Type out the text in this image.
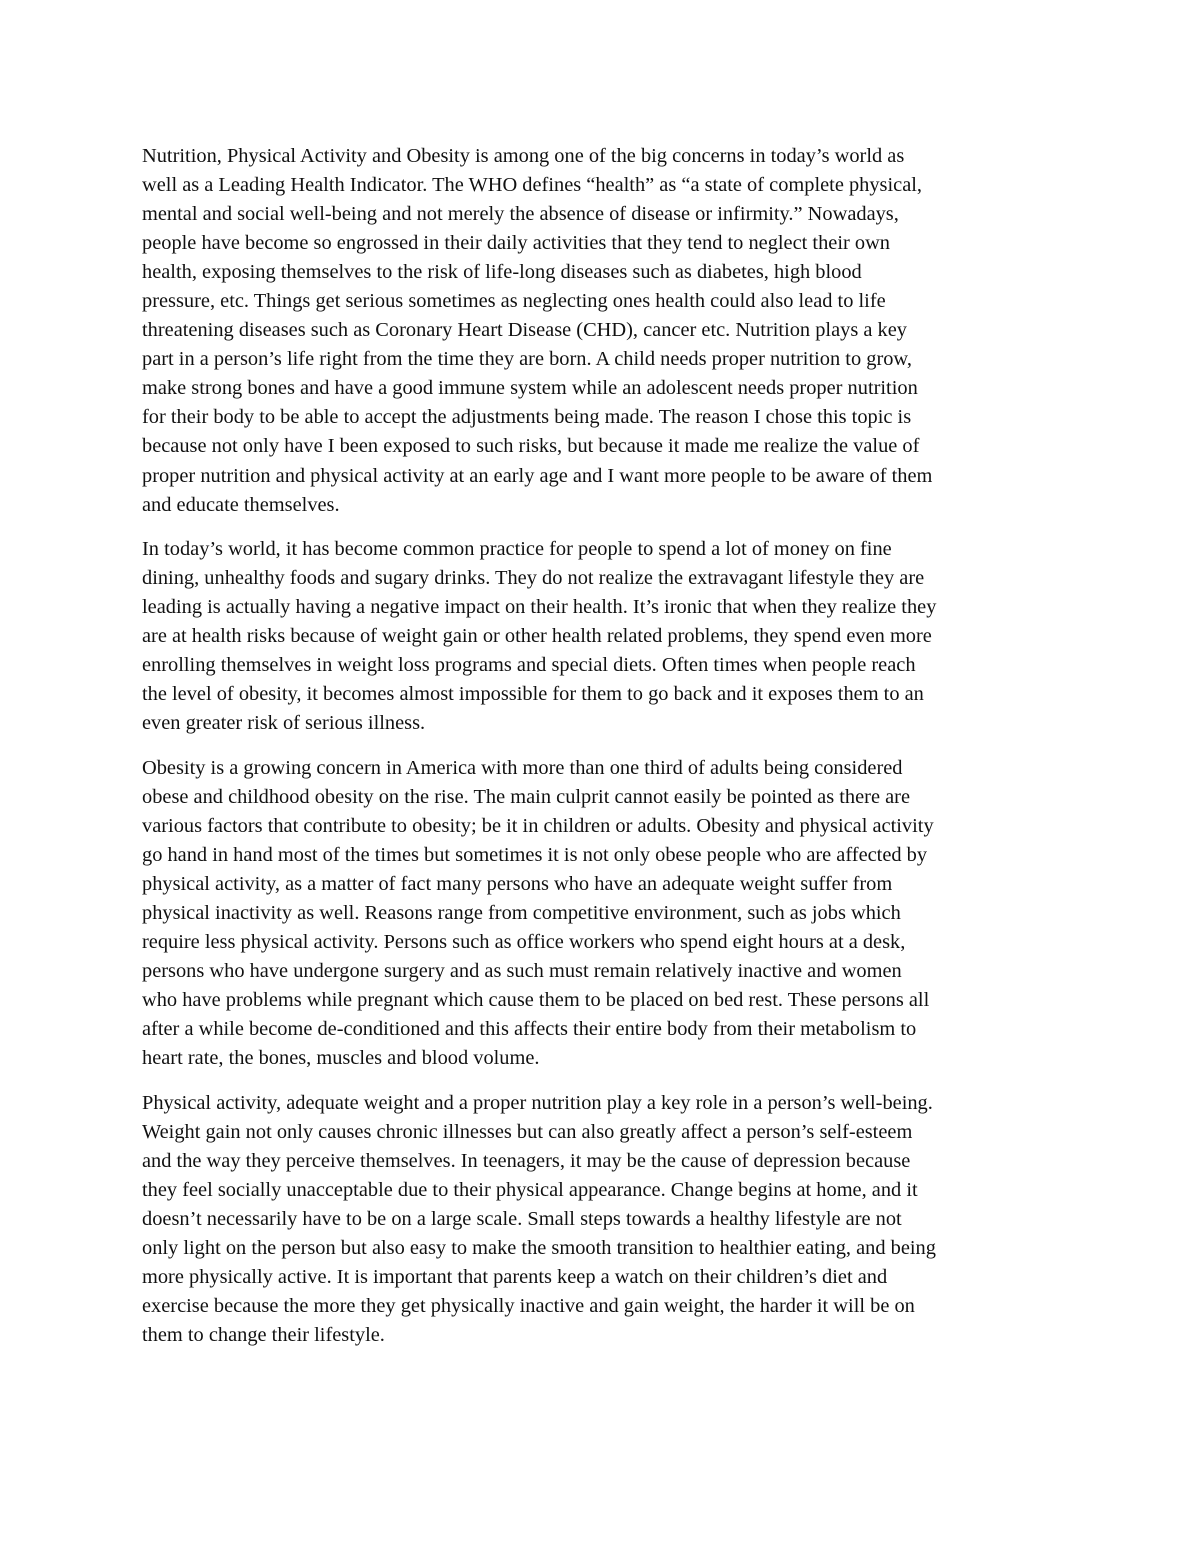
Nutrition, Physical Activity and Obesity is among one of the big concerns in today’s world as
well as a Leading Health Indicator. The WHO defines “health” as “a state of complete physical,
mental and social well-being and not merely the absence of disease or infirmity.” Nowadays,
people have become so engrossed in their daily activities that they tend to neglect their own
health, exposing themselves to the risk of life-long diseases such as diabetes, high blood
pressure, etc. Things get serious sometimes as neglecting ones health could also lead to life
threatening diseases such as Coronary Heart Disease (CHD), cancer etc. Nutrition plays a key
part in a person’s life right from the time they are born. A child needs proper nutrition to grow,
make strong bones and have a good immune system while an adolescent needs proper nutrition
for their body to be able to accept the adjustments being made. The reason I chose this topic is
because not only have I been exposed to such risks, but because it made me realize the value of
proper nutrition and physical activity at an early age and I want more people to be aware of them
and educate themselves.

In today’s world, it has become common practice for people to spend a lot of money on fine
dining, unhealthy foods and sugary drinks. They do not realize the extravagant lifestyle they are
leading is actually having a negative impact on their health. It’s ironic that when they realize they
are at health risks because of weight gain or other health related problems, they spend even more
enrolling themselves in weight loss programs and special diets. Often times when people reach
the level of obesity, it becomes almost impossible for them to go back and it exposes them to an
even greater risk of serious illness.

Obesity is a growing concern in America with more than one third of adults being considered
obese and childhood obesity on the rise. The main culprit cannot easily be pointed as there are
various factors that contribute to obesity; be it in children or adults. Obesity and physical activity
go hand in hand most of the times but sometimes it is not only obese people who are affected by
physical activity, as a matter of fact many persons who have an adequate weight suffer from
physical inactivity as well. Reasons range from competitive environment, such as jobs which
require less physical activity. Persons such as office workers who spend eight hours at a desk,
persons who have undergone surgery and as such must remain relatively inactive and women
who have problems while pregnant which cause them to be placed on bed rest. These persons all
after a while become de-conditioned and this affects their entire body from their metabolism to
heart rate, the bones, muscles and blood volume.

Physical activity, adequate weight and a proper nutrition play a key role in a person’s well-being.
Weight gain not only causes chronic illnesses but can also greatly affect a person’s self-esteem
and the way they perceive themselves. In teenagers, it may be the cause of depression because
they feel socially unacceptable due to their physical appearance. Change begins at home, and it
doesn’t necessarily have to be on a large scale. Small steps towards a healthy lifestyle are not
only light on the person but also easy to make the smooth transition to healthier eating, and being
more physically active. It is important that parents keep a watch on their children’s diet and
exercise because the more they get physically inactive and gain weight, the harder it will be on
them to change their lifestyle.
